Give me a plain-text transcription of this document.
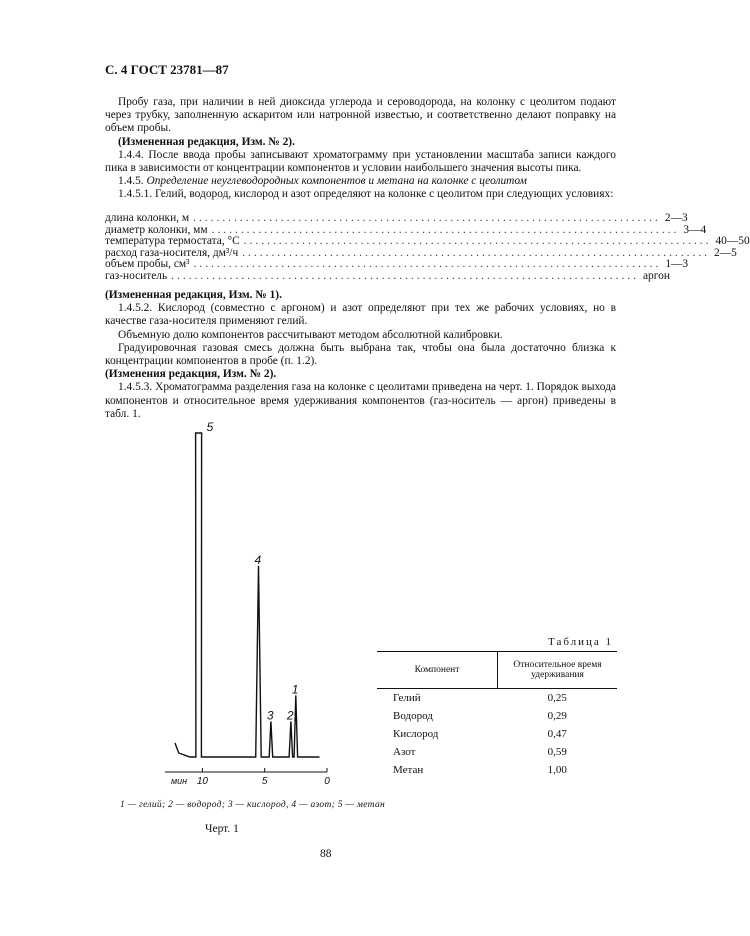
С. 4 ГОСТ 23781—87

Пробу газа, при наличии в ней диоксида углерода и сероводорода, на колонку с цеолитом подают через трубку, заполненную аскаритом или натронной известью, и соответственно делают поправку на объем пробы.

(Измененная редакция, Изм. № 2).

1.4.4. После ввода пробы записывают хроматограмму при установлении масштаба записи каждого пика в зависимости от концентрации компонентов и условии наибольшего значения высоты пика.

1.4.5. Определение неуглеводородных компонентов и метана на колонке с цеолитом

1.4.5.1. Гелий, водород, кислород и азот определяют на колонке с цеолитом при следующих условиях:

длина колонки, м ................................................................................ 2—3
диаметр колонки, мм ................................................................................ 3—4
температура термостата, °С ................................................................................ 40—50
расход газа-носителя, дм³/ч ................................................................................ 2—5
объем пробы, см³ ................................................................................ 1—3
газ-носитель ................................................................................ аргон

(Измененная редакция, Изм. № 1).

1.4.5.2. Кислород (совместно с аргоном) и азот определяют при тех же рабочих условиях, но в качестве газа-носителя применяют гелий.

Объемную долю компонентов рассчитывают методом абсолютной калибровки.

Градуировочная газовая смесь должна быть выбрана так, чтобы она была достаточно близка к концентрации компонентов в пробе (п. 1.2).

(Изменения редакция, Изм. № 2).

1.4.5.3. Хроматограмма разделения газа на колонке с цеолитами приведена на черт. 1. Порядок выхода компонентов и относительное время удерживания компонентов (газ-носитель — аргон) приведены в табл. 1.

5
4
3 2
1
10	5	0
мин
1 — гелий; 2 — водород; 3 — кислород, 4 — азот; 5 — метан
Черт. 1
Таблица 1
Компонент	Относительное время удерживания
Гелий	0,25
Водород	0,29
Кислород	0,47
Азот	0,59
Метан	1,00
88
